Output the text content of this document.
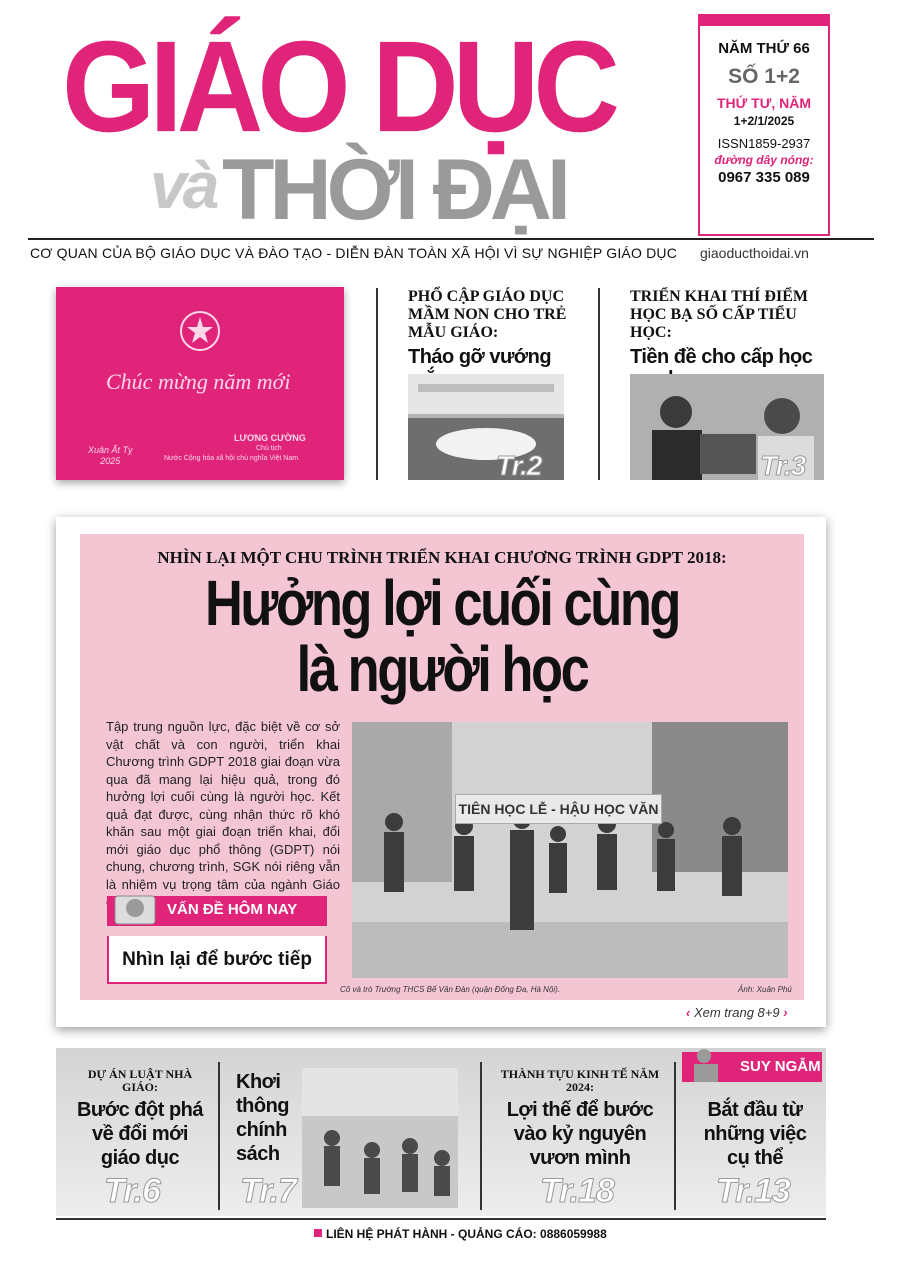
GIÁO DỤC
và THỜI ĐẠI
NĂM THỨ 66
SỐ 1+2
THỨ TƯ, NĂM
1+2/1/2025
ISSN1859-2937
đường dây nóng:
0967 335 089
CƠ QUAN CỦA BỘ GIÁO DỤC VÀ ĐÀO TẠO - DIỄN ĐÀN TOÀN XÃ HỘI VÌ SỰ NGHIỆP GIÁO DỤC giaoducthoidai.vn
Chúc mừng năm mới
Xuân Ất Tỵ
2025
LƯƠNG CƯỜNG
Chủ tịch
Nước Cộng hòa xã hội chủ nghĩa Việt Nam
PHỔ CẬP GIÁO DỤC MẦM NON CHO TRẺ MẪU GIÁO:
Tháo gỡ vướng
Tr.2
TRIỂN KHAI THÍ ĐIỂM HỌC BẠ SỐ CẤP TIỂU HỌC:
Tiền đề cho cấp học
Tr.3
NHÌN LẠI MỘT CHU TRÌNH TRIỂN KHAI CHƯƠNG TRÌNH GDPT 2018:
Hưởng lợi cuối cùng
là người học
Tập trung nguồn lực, đặc biệt về cơ sở vật chất và con người, triển khai Chương trình GDPT 2018 giai đoạn vừa qua đã mang lại hiệu quả, trong đó hưởng lợi cuối cùng là người học. Kết quả đạt được, cùng nhận thức rõ khó khăn sau một giai đoạn triển khai, đổi mới giáo dục phổ thông (GDPT) nói chung, chương trình, SGK nói riêng vẫn là nhiệm vụ trọng tâm của ngành Giáo
TIÊN HỌC LỄ - HẬU HỌC VĂN
Cô và trò Trường THCS Bế Văn Đàn (quận Đống Đa, Hà Nội).	Ảnh: Xuân Phú
‹ Xem trang 8+9 ›
VẤN ĐỀ HÔM NAY
Nhìn lại để bước tiếp
DỰ ÁN LUẬT NHÀ GIÁO:
Bước đột phá về đổi mới giáo dục
Tr.6
Khơi thông chính sách
Tr.7
THÀNH TỰU KINH TẾ NĂM 2024:
Lợi thế để bước vào kỷ nguyên vươn mình
Tr.18
SUY NGẪM
Bắt đầu từ những việc cụ thể
Tr.13
LIÊN HỆ PHÁT HÀNH - QUẢNG CÁO: 0886059988
